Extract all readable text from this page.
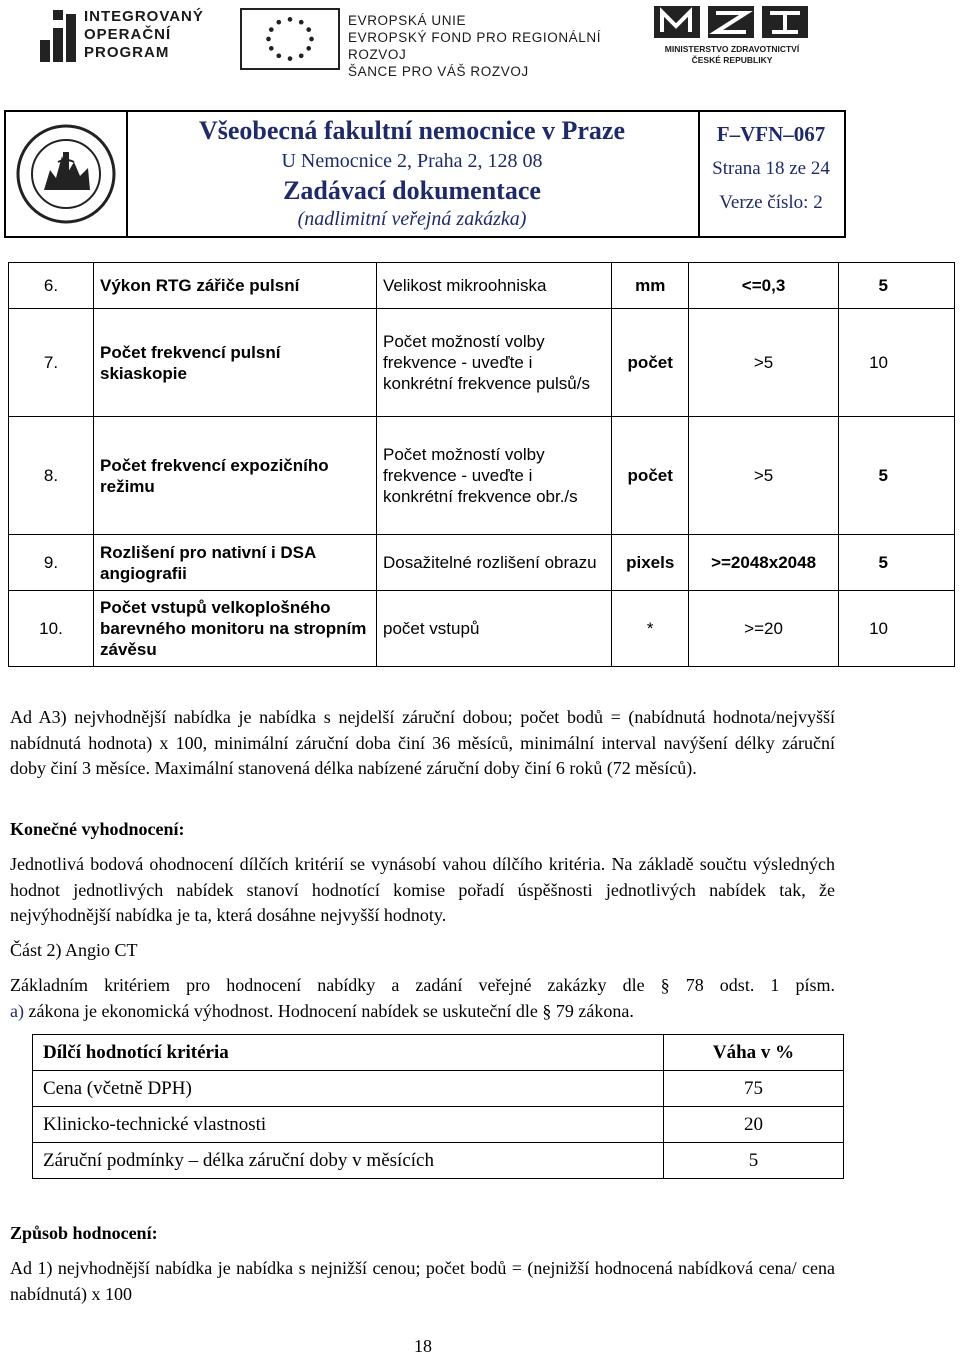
INTEGROVANÝ
OPERAČNÍ
PROGRAM
EVROPSKÁ UNIE
EVROPSKÝ FOND PRO REGIONÁLNÍ ROZVOJ
ŠANCE PRO VÁŠ ROZVOJ
MINISTERSTVO ZDRAVOTNICTVÍ
ČESKÉ REPUBLIKY
Všeobecná fakultní nemocnice v Praze
U Nemocnice 2, Praha 2, 128 08
Zadávací dokumentace
(nadlimitní veřejná zakázka)
F–VFN–067
Strana 18 ze 24
Verze číslo: 2
6.	Výkon RTG zářiče pulsní	Velikost mikroohniska	mm	<=0,3	5
7.	Počet frekvencí pulsní skiaskopie	Počet možností volby frekvence - uveďte i konkrétní frekvence pulsů/s	počet	>5	10
8.	Počet frekvencí expozičního režimu	Počet možností volby frekvence - uveďte i konkrétní frekvence obr./s	počet	>5	5
9.	Rozlišení pro nativní i DSA angiografii	Dosažitelné rozlišení obrazu	pixels	>=2048x2048	5
10.	Počet vstupů velkoplošného barevného monitoru na stropním závěsu	počet vstupů	*	>=20	10
Ad A3) nejvhodnější nabídka je nabídka s nejdelší záruční dobou; počet bodů = (nabídnutá hodnota/nejvyšší nabídnutá hodnota) x 100, minimální záruční doba činí 36 měsíců, minimální interval navýšení délky záruční doby činí 3 měsíce. Maximální stanovená délka nabízené záruční doby činí 6 roků (72 měsíců).
Konečné vyhodnocení:
Jednotlivá bodová ohodnocení dílčích kritérií se vynásobí vahou dílčího kritéria. Na základě součtu výsledných hodnot jednotlivých nabídek stanoví hodnotící komise pořadí úspěšnosti jednotlivých nabídek tak, že nejvýhodnější nabídka je ta, která dosáhne nejvyšší hodnoty.
Část 2) Angio CT
Základním kritériem pro hodnocení nabídky a zadání veřejné zakázky dle § 78 odst. 1 písm.
a) zákona je ekonomická výhodnost. Hodnocení nabídek se uskuteční dle § 79 zákona.
Dílčí hodnotící kritéria	Váha v %
Cena (včetně DPH)	75
Klinicko-technické vlastnosti	20
Záruční podmínky – délka záruční doby v měsících	5
Způsob hodnocení:
Ad 1) nejvhodnější nabídka je nabídka s nejnižší cenou; počet bodů = (nejnižší hodnocená nabídková cena/ cena nabídnutá) x 100
18
